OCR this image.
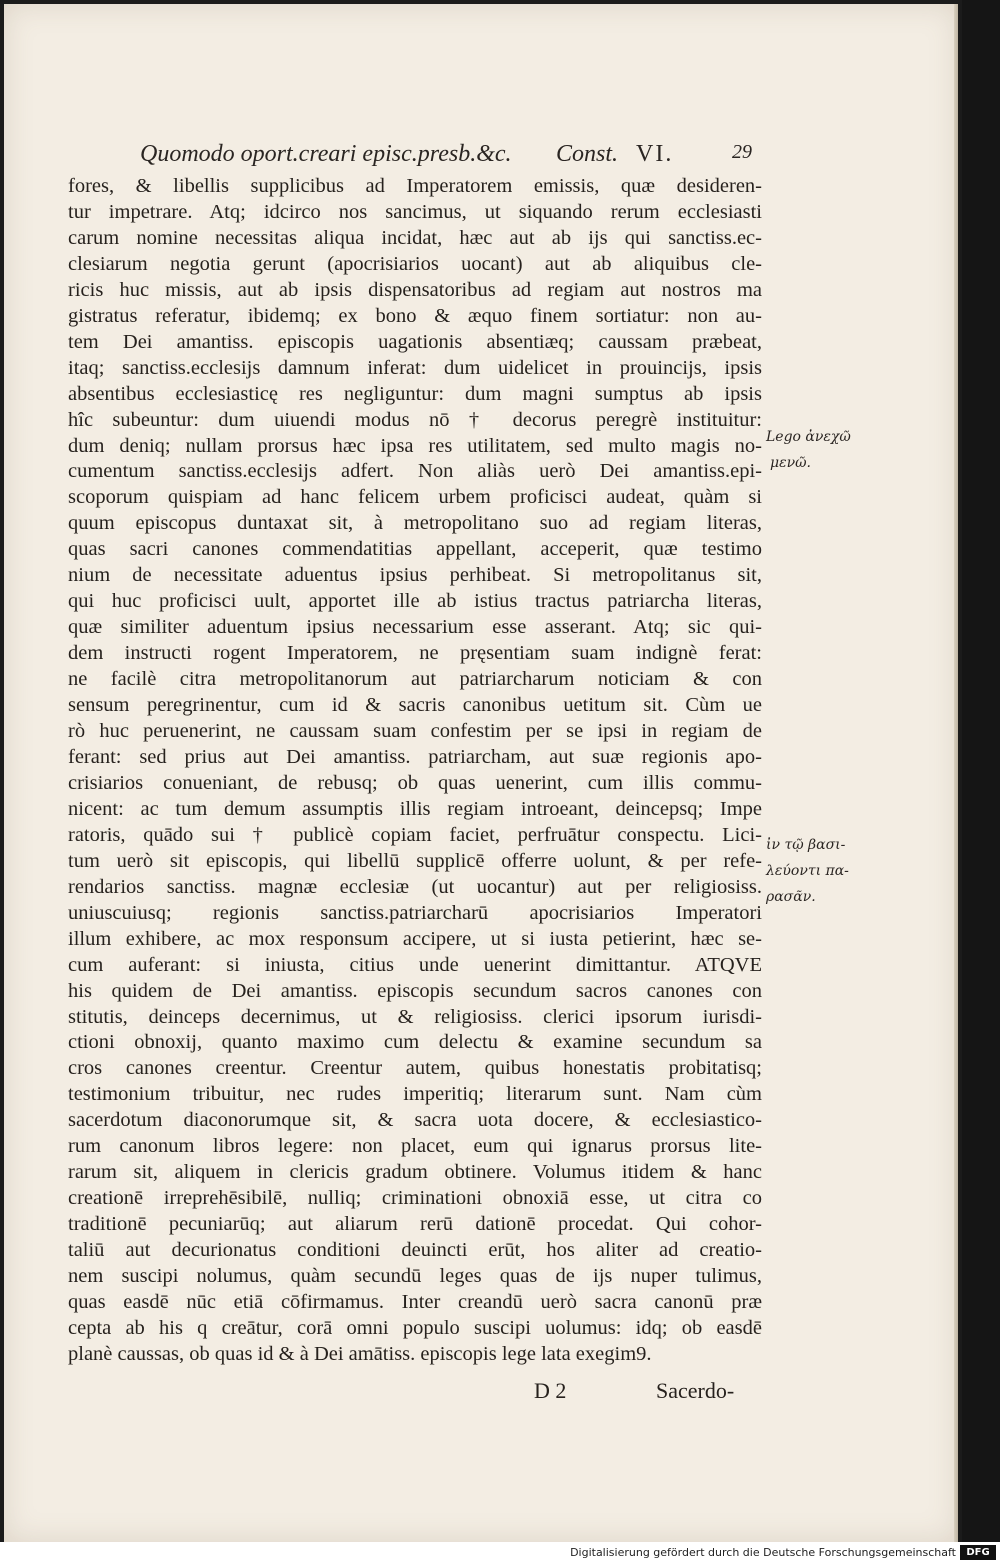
Quomodo oport.creari episc.presb.&c. Const. VI.	29
fores, & libellis supplicibus ad Imperatorem emissis, quæ desideren-
tur impetrare. Atq; idcirco nos sancimus, ut siquando rerum ecclesiasti
carum nomine necessitas aliqua incidat, hæc aut ab ijs qui sanctiss.ec-
clesiarum negotia gerunt (apocrisiarios uocant) aut ab aliquibus cle-
ricis huc missis, aut ab ipsis dispensatoribus ad regiam aut nostros ma
gistratus referatur, ibidemq; ex bono & æquo finem sortiatur: non au-
tem Dei amantiss. episcopis uagationis absentiæq; caussam præbeat,
itaq; sanctiss.ecclesijs damnum inferat: dum uidelicet in prouincijs, ipsis
absentibus ecclesiasticę res negliguntur: dum magni sumptus ab ipsis
hîc subeuntur: dum uiuendi modus nō † decorus peregrè instituitur:
dum deniq; nullam prorsus hæc ipsa res utilitatem, sed multo magis no-
cumentum sanctiss.ecclesijs adfert. Non aliàs uerò Dei amantiss.epi-
scoporum quispiam ad hanc felicem urbem proficisci audeat, quàm si
quum episcopus duntaxat sit, à metropolitano suo ad regiam literas,
quas sacri canones commendatitias appellant, acceperit, quæ testimo
nium de necessitate aduentus ipsius perhibeat. Si metropolitanus sit,
qui huc proficisci uult, apportet ille ab istius tractus patriarcha literas,
quæ similiter aduentum ipsius necessarium esse asserant. Atq; sic qui-
dem instructi rogent Imperatorem, ne pręsentiam suam indignè ferat:
ne facilè citra metropolitanorum aut patriarcharum noticiam & con
sensum peregrinentur, cum id & sacris canonibus uetitum sit. Cùm ue
rò huc peruenerint, ne caussam suam confestim per se ipsi in regiam de
ferant: sed prius aut Dei amantiss. patriarcham, aut suæ regionis apo-
crisiarios conueniant, de rebusq; ob quas uenerint, cum illis commu-
nicent: ac tum demum assumptis illis regiam introeant, deincepsq; Impe
ratoris, quādo sui † publicè copiam faciet, perfruātur conspectu. Lici-
tum uerò sit episcopis, qui libellū supplicē offerre uolunt, & per refe-
rendarios sanctiss. magnæ ecclesiæ (ut uocantur) aut per religiosiss.
uniuscuiusq; regionis sanctiss.patriarcharū apocrisiarios Imperatori
illum exhibere, ac mox responsum accipere, ut si iusta petierint, hæc se-
cum auferant: si iniusta, citius unde uenerint dimittantur. ATQVE
his quidem de Dei amantiss. episcopis secundum sacros canones con
stitutis, deinceps decernimus, ut & religiosiss. clerici ipsorum iurisdi-
ctioni obnoxij, quanto maximo cum delectu & examine secundum sa
cros canones creentur. Creentur autem, quibus honestatis probitatisq;
testimonium tribuitur, nec rudes imperitiq; literarum sunt. Nam cùm
sacerdotum diaconorumque sit, & sacra uota docere, & ecclesiastico-
rum canonum libros legere: non placet, eum qui ignarus prorsus lite-
rarum sit, aliquem in clericis gradum obtinere. Volumus itidem & hanc
creationē irreprehēsibilē, nulliq; criminationi obnoxiā esse, ut citra co
traditionē pecuniarūq; aut aliarum rerū dationē procedat. Qui cohor-
taliū aut decurionatus conditioni deuincti erūt, hos aliter ad creatio-
nem suscipi nolumus, quàm secundū leges quas de ijs nuper tulimus,
quas easdē nūc etiā cōfirmamus. Inter creandū uerò sacra canonū præ
cepta ab his q creātur, corā omni populo suscipi uolumus: idq; ob easdē
planè caussas, ob quas id & à Dei amātiss. episcopis lege lata exegim9.
Lego ἀνεχῶ
μενῶ.
ἰν τῷ βασι-
λεύοντι πα-
ρασᾶν.
D 2	Sacerdo-
Digitalisierung gefördert durch die Deutsche Forschungsgemeinschaft	DFG
